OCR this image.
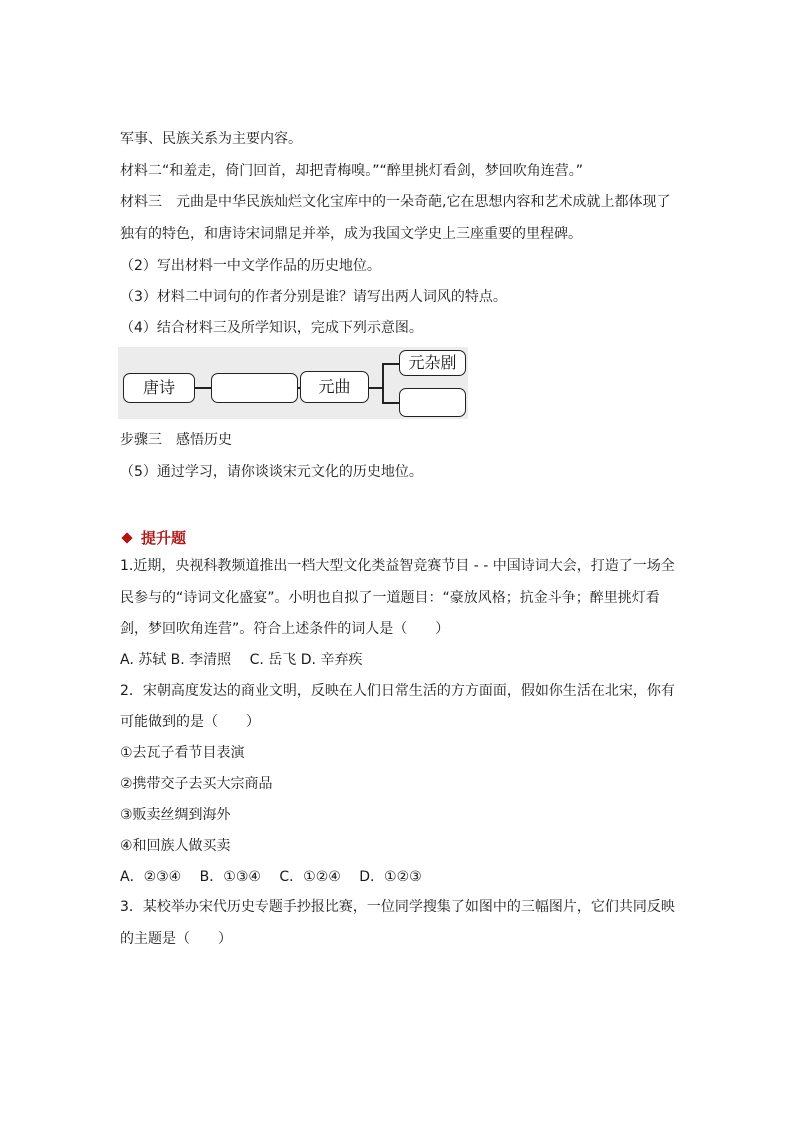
军事、民族关系为主要内容。
材料二“和羞走，倚门回首，却把青梅嗅。”“醉里挑灯看剑，梦回吹角连营。”
材料三　元曲是中华民族灿烂文化宝库中的一朵奇葩,它在思想内容和艺术成就上都体现了
独有的特色，和唐诗宋词鼎足并举，成为我国文学史上三座重要的里程碑。
（2）写出材料一中文学作品的历史地位。
（3）材料二中词句的作者分别是谁？请写出两人词风的特点。
（4）结合材料三及所学知识，完成下列示意图。
唐诗	元曲
元杂剧
步骤三　感悟历史
（5）通过学习，请你谈谈宋元文化的历史地位。
提升题
1.近期，央视科教频道推出一档大型文化类益智竞赛节目 - - 中国诗词大会，打造了一场全
民参与的“诗词文化盛宴”。小明也自拟了一道题目：“豪放风格；抗金斗争；醉里挑灯看
剑，梦回吹角连营”。符合上述条件的词人是（　　）
A. 苏轼 B. 李清照　 C. 岳飞 D. 辛弃疾
2．宋朝高度发达的商业文明，反映在人们日常生活的方方面面，假如你生活在北宋，你有
可能做到的是（　　）
①去瓦子看节目表演
②携带交子去买大宗商品
③贩卖丝绸到海外
④和回族人做买卖
A．②③④　 B．①③④　 C．①②④　 D．①②③
3．某校举办宋代历史专题手抄报比赛，一位同学搜集了如图中的三幅图片，它们共同反映
的主题是（　　）
